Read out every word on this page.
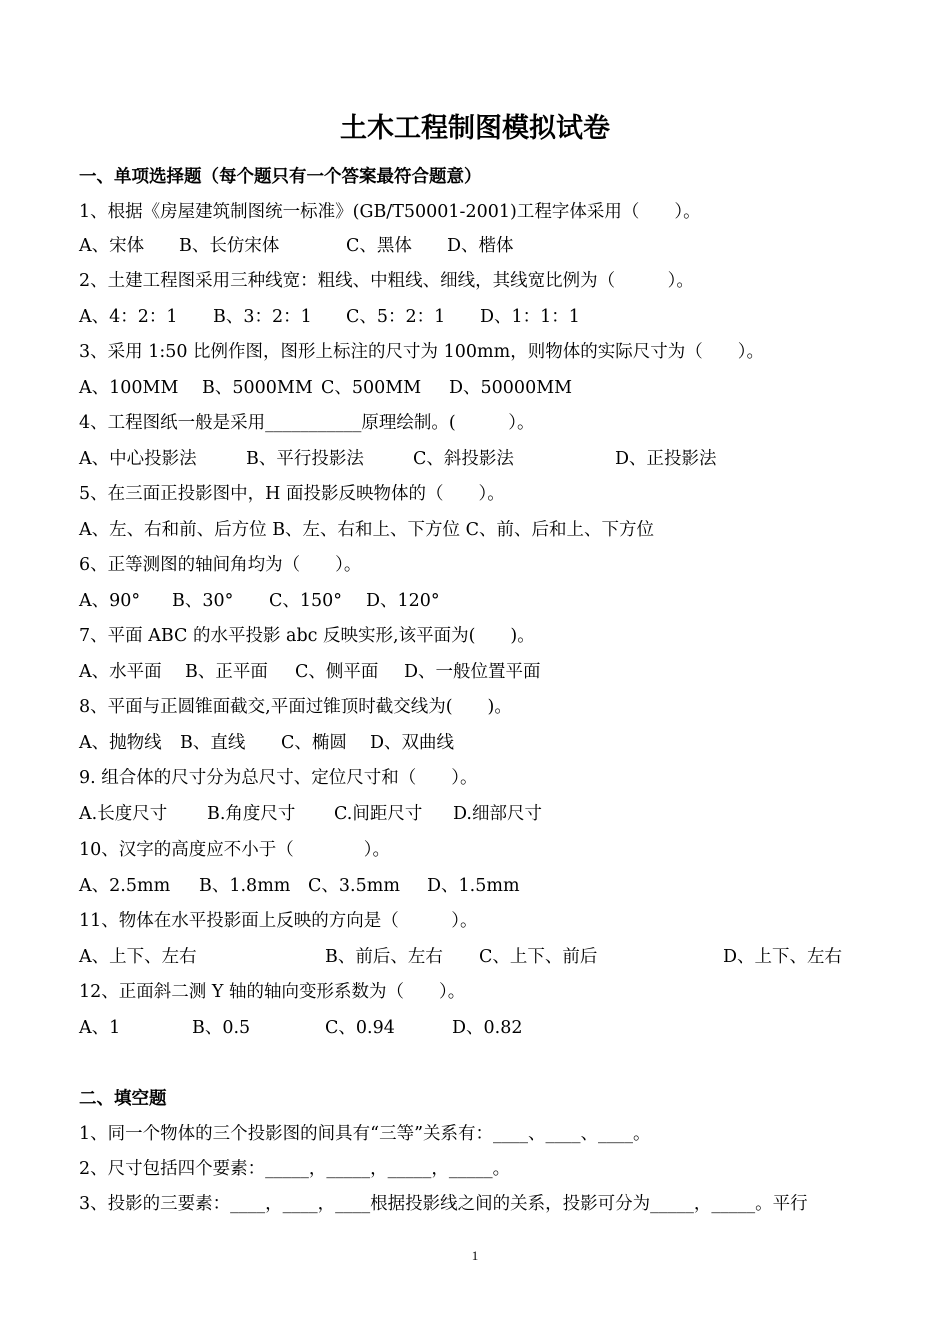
土木工程制图模拟试卷
一、单项选择题（每个题只有一个答案最符合题意）
1、根据《房屋建筑制图统一标准》(GB/T50001-2001)工程字体采用（　　）。

A、宋体

B、长仿宋体

	C、黑体

D、楷体

2、土建工程图采用三种线宽：粗线、中粗线、细线，其线宽比例为（　　　）。

A、4：2：1

B、3：2：1

C、5：2：1

D、1：1：1

3、采用 1:50 比例作图，图形上标注的尺寸为 100mm，则物体的实际尺寸为（　　）。

A、100MM

B、5000MM

C、500MM

D、50000MM

4、工程图纸一般是采用___________原理绘制。(　　　）。

A、中心投影法

	B、平行投影法

	C、斜投影法

	D、正投影法

5、在三面正投影图中，H 面投影反映物体的（　　）。
A、左、右和前、后方位 B、左、右和上、下方位 C、前、后和上、下方位
6、正等测图的轴间角均为（　　）。

A、90°

B、30°

C、150°

D、120°

7、平面 ABC 的水平投影 abc 反映实形,该平面为(　　)。

A、水平面

B、正平面

C、侧平面

D、一般位置平面

8、平面与正圆锥面截交,平面过锥顶时截交线为(　　)。

A、抛物线

B、直线

C、椭圆

D、双曲线

9. 组合体的尺寸分为总尺寸、定位尺寸和（　　）。

A.长度尺寸

B.角度尺寸

C.间距尺寸

D.细部尺寸

10、汉字的高度应不小于（　　　　）。

A、2.5mm

B、1.8mm

C、3.5mm

D、1.5mm

11、物体在水平投影面上反映的方向是（　　　）。

A、上下、左右

	B、前后、左右

C、上下、前后

	D、上下、左右

12、正面斜二测 Y 轴的轴向变形系数为（　　）。

A、1

	B、0.5

	C、0.94

	D、0.82

二、填空题
1、同一个物体的三个投影图的间具有“三等”关系有：____、____、____。
2、尺寸包括四个要素：_____，_____，_____，_____。
3、投影的三要素：____，____，____根据投影线之间的关系，投影可分为_____，_____。平行
1
